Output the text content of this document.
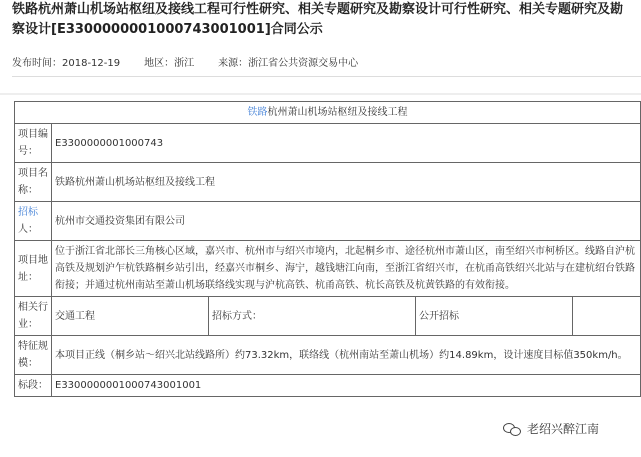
铁路杭州萧山机场站枢纽及接线工程可行性研究、相关专题研究及勘察设计可行性研究、相关专题研究及勘察设计[E3300000001000743001001]合同公示
发布时间：2018-12-19 地区：浙江 来源：浙江省公共资源交易中心
铁路杭州萧山机场站枢纽及接线工程				
项目编号：	E3300000001000743			
项目名称：	铁路杭州萧山机场站枢纽及接线工程			
招标人：	杭州市交通投资集团有限公司			
项目地址：	位于浙江省北部长三角核心区域，嘉兴市、杭州市与绍兴市境内，北起桐乡市、途径杭州市萧山区，南至绍兴市柯桥区。线路自沪杭高铁及规划沪乍杭铁路桐乡站引出，经嘉兴市桐乡、海宁，越钱塘江向南，至浙江省绍兴市，在杭甬高铁绍兴北站与在建杭绍台铁路衔接；并通过杭州南站至萧山机场联络线实现与沪杭高铁、杭甬高铁、杭长高铁及杭黄铁路的有效衔接。			
相关行业：	交通工程	招标方式：	公开招标	
特征规模：	本项目正线（桐乡站～绍兴北站线路所）约73.32km，联络线（杭州南站至萧山机场）约14.89km，设计速度目标值350km/h。			
标段：	E3300000001000743001001			
老绍兴醉江南
